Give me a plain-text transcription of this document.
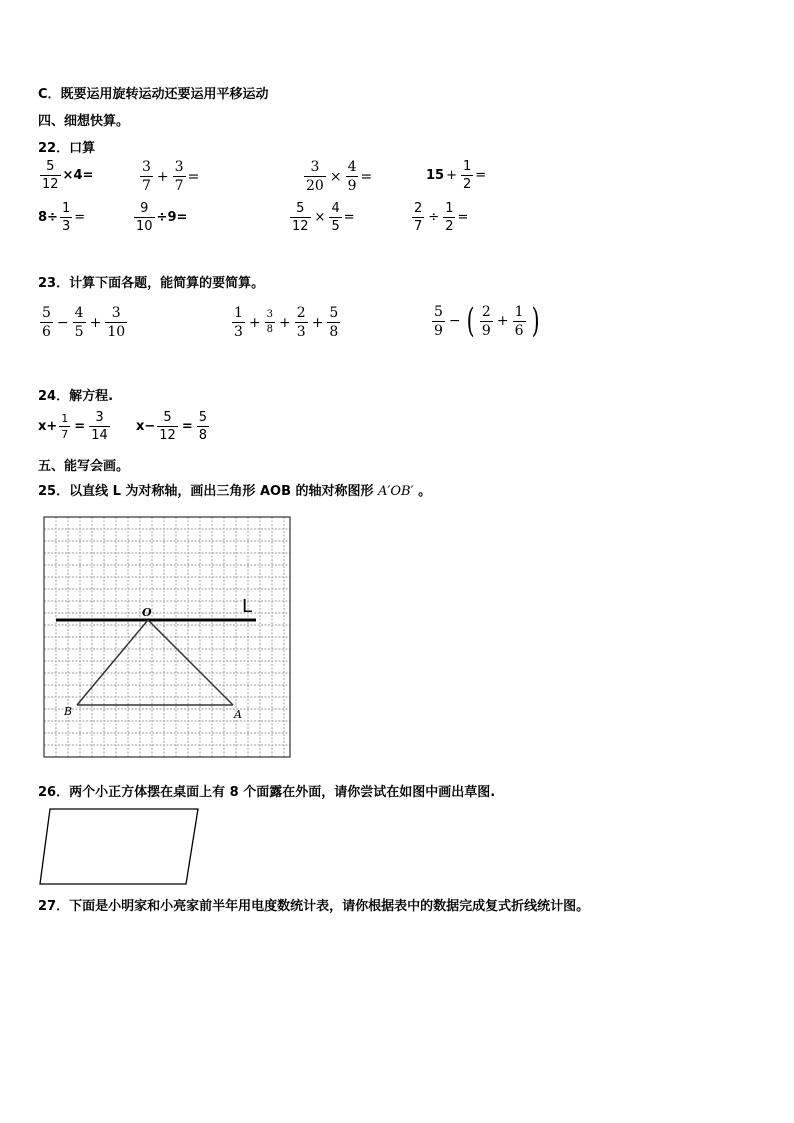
C．既要运用旋转运动还要运用平移运动
四、细想快算。
22．口算
$\frac{5}{12} \times 4=$	$\frac{3}{7} + \frac{3}{7}$ =	$\frac{3}{20} \times \frac{4}{9}$ =	$15 + \frac{1}{2}$ =
$8\div \frac{1}{3}$ =	$\frac{9}{10} \div 9=$	$\frac{5}{12} \times \frac{4}{5}$ =	$\frac{2}{7} \div \frac{1}{2}$ =
23．计算下面各题，能简算的要简算。
$\frac{5}{6} - \frac{4}{5} + \frac{3}{10}$	$\frac{1}{3} + \frac{3}{8} + \frac{2}{3} + \frac{5}{8}$	$\frac{5}{9}$ − ( $\frac{2}{9} + \frac{1}{6}$ )
24．解方程.
$x+ \frac{1}{7} = \frac{3}{14} x- \frac{5}{12} = \frac{5}{8}$
五、能写会画。
25．以直线 L 为对称轴，画出三角形 AOB 的轴对称图形 A′OB′ 。
L
O
A
B
26．两个小正方体摆在桌面上有 8 个面露在外面，请你尝试在如图中画出草图.
27．下面是小明家和小亮家前半年用电度数统计表，请你根据表中的数据完成复式折线统计图。
